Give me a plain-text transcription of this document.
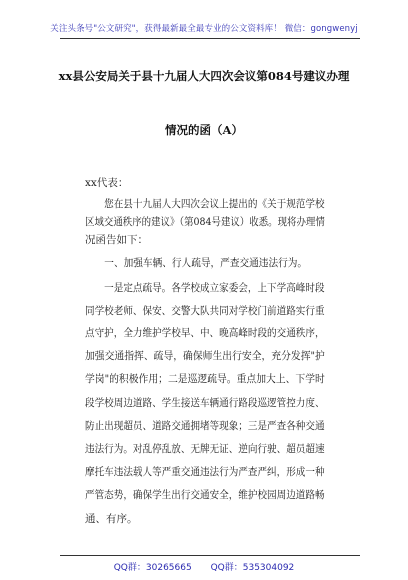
关注头条号"公文研究"，获得最新最全最专业的公文资料库！ 微信：gongwenyj
xx县公安局关于县十九届人大四次会议第084号建议办理
情况的函（A）
xx代表：
您在县十九届人大四次会议上提出的《关于规范学校
区域交通秩序的建议》（第084号建议）收悉。现将办理情
况函告如下：
一、加强车辆、行人疏导，严查交通违法行为。
一是定点疏导。各学校成立家委会，上下学高峰时段
同学校老师、保安、交警大队共同对学校门前道路实行重
点守护，全力维护学校早、中、晚高峰时段的交通秩序，
加强交通指挥、疏导，确保师生出行安全，充分发挥"护
学岗"的积极作用；二是巡逻疏导。重点加大上、下学时
段学校周边道路、学生接送车辆通行路段巡逻管控力度、
防止出现超员、道路交通拥堵等现象；三是严查各种交通
违法行为。对乱停乱放、无牌无证、逆向行驶、超员超速
摩托车违法载人等严重交通违法行为严查严纠，形成一种
严管态势，确保学生出行交通安全，维护校园周边道路畅
通、有序。
QQ群：30265665 QQ群：535304092
